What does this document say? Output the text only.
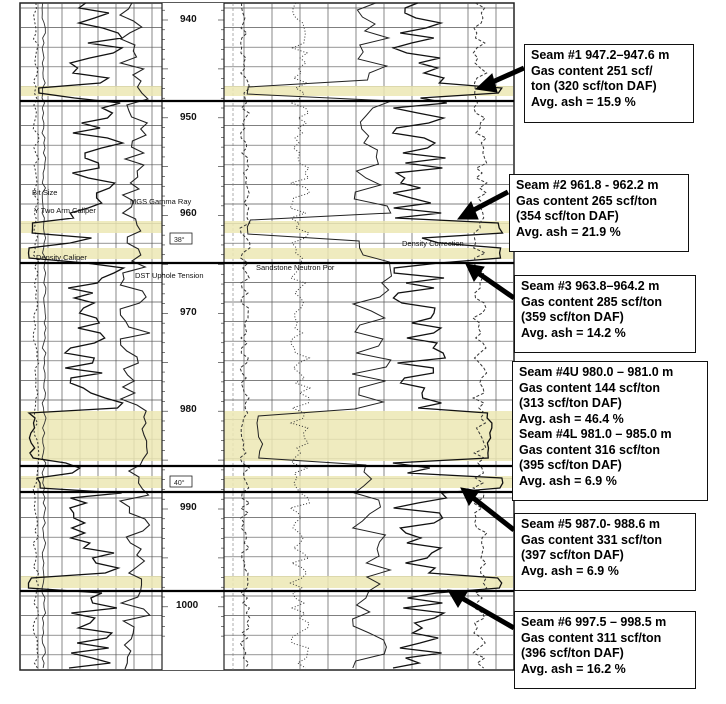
940
950
960
970
980
990
1000
38°
40°
Bit Size
Y Two Arm Caliper
MGS Gamma Ray
Density Caliper
DST Uphole Tension
Sandstone Neutron Por
Density Correction
Seam #1 947.2–947.6 m
Gas content 251 scf/
ton (320 scf/ton DAF)
Avg. ash = 15.9 %
Seam #2 961.8 - 962.2 m
Gas content 265 scf/ton
(354 scf/ton DAF)
Avg. ash = 21.9 %
Seam #3 963.8–964.2 m
Gas content 285 scf/ton
(359 scf/ton DAF)
Avg. ash = 14.2 %
Seam #4U 980.0 – 981.0 m
Gas content 144 scf/ton
(313 scf/ton DAF)
Avg. ash = 46.4 %
Seam #4L 981.0 – 985.0 m
Gas content 316 scf/ton
(395 scf/ton DAF)
Avg. ash = 6.9 %
Seam #5 987.0- 988.6 m
Gas content 331 scf/ton
(397 scf/ton DAF)
Avg. ash = 6.9 %
Seam #6 997.5 – 998.5 m
Gas content 311 scf/ton
(396 scf/ton DAF)
Avg. ash = 16.2 %
